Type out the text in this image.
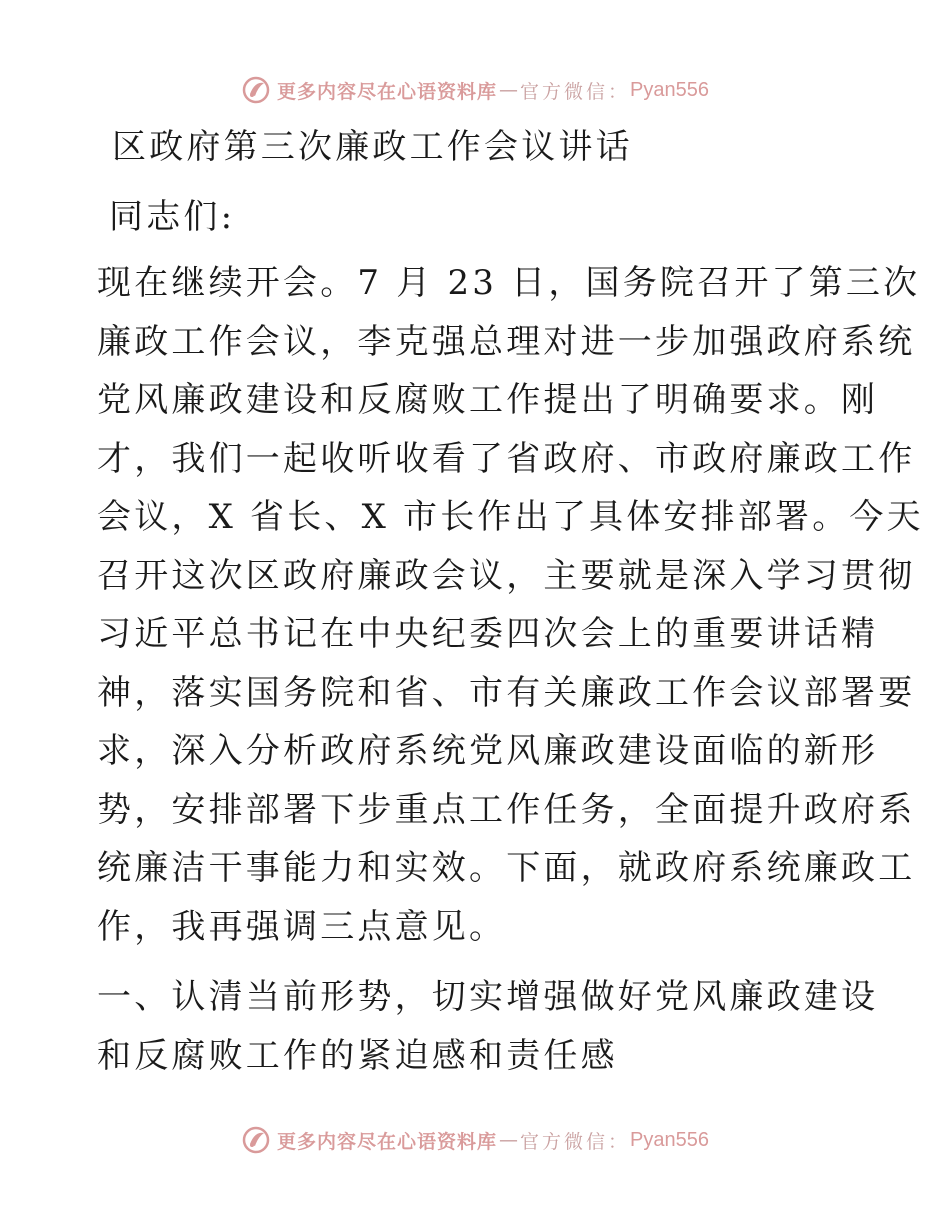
更多内容尽在心语资料库 — 官方微信： Pyan556

区政府第三次廉政工作会议讲话

同志们:

现在继续开会。7 月 23 日，国务院召开了第三次

廉政工作会议，李克强总理对进一步加强政府系统

党风廉政建设和反腐败工作提出了明确要求。刚

才，我们一起收听收看了省政府、市政府廉政工作

会议，X 省长、X 市长作出了具体安排部署。今天

召开这次区政府廉政会议，主要就是深入学习贯彻

习近平总书记在中央纪委四次会上的重要讲话精

神，落实国务院和省、市有关廉政工作会议部署要

求，深入分析政府系统党风廉政建设面临的新形

势，安排部署下步重点工作任务，全面提升政府系

统廉洁干事能力和实效。下面，就政府系统廉政工

作，我再强调三点意见。

一、认清当前形势，切实增强做好党风廉政建设

和反腐败工作的紧迫感和责任感

更多内容尽在心语资料库 — 官方微信： Pyan556
